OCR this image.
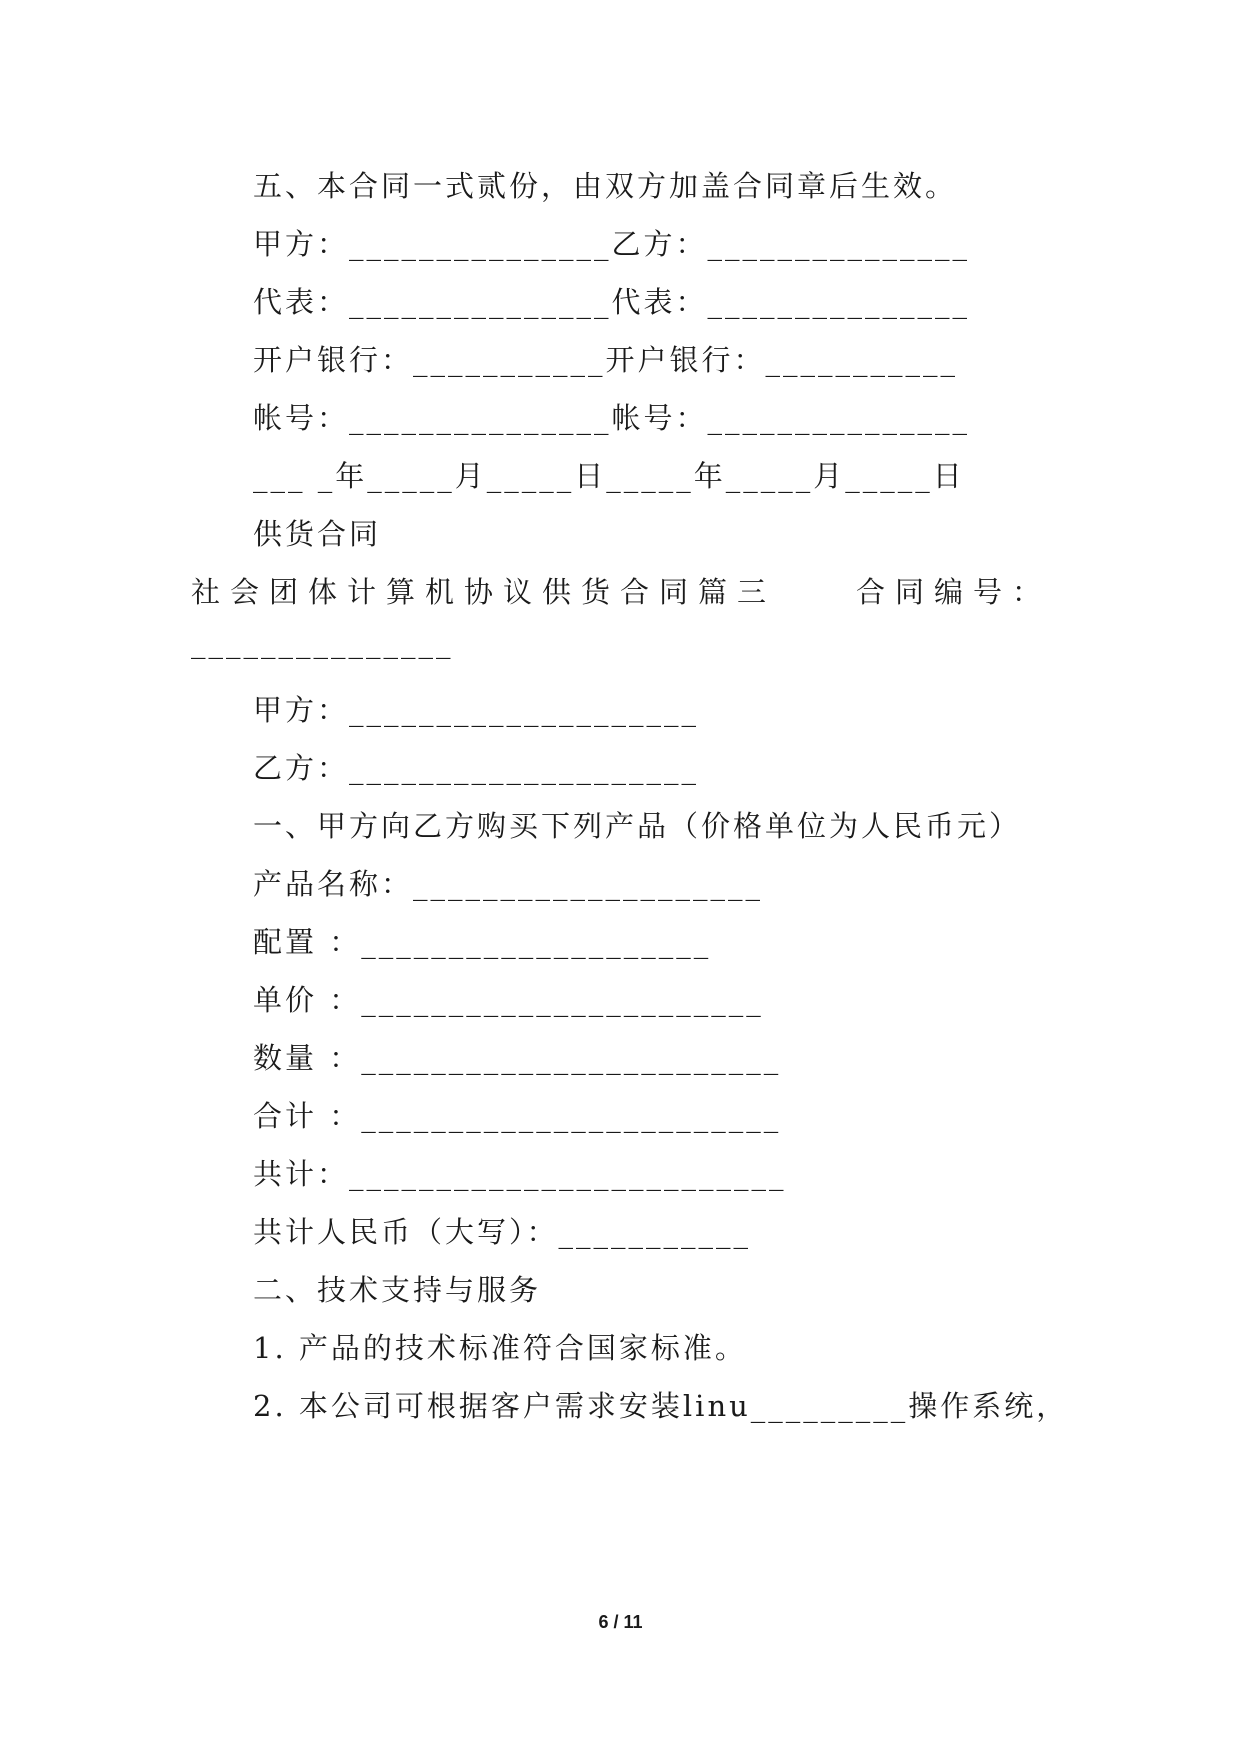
五、本合同一式贰份，由双方加盖合同章后生效。
甲方：_______________乙方：_______________
代表：_______________代表：_______________
开户银行：___________开户银行：___________
帐号：_______________帐号：_______________
___ _年_____月_____日_____年_____月_____日
供货合同
社会团体计算机协议供货合同篇三	合同编号：
_______________
甲方：____________________
乙方：____________________
一、甲方向乙方购买下列产品（价格单位为人民币元）
产品名称：____________________
配置 ：____________________
单价 ：_______________________
数量 ：________________________
合计 ：________________________
共计：_________________________
共计人民币（大写）：___________
二、技术支持与服务
1. 产品的技术标准符合国家标准。
2. 本公司可根据客户需求安装linu_________操作系统，
6 / 11
